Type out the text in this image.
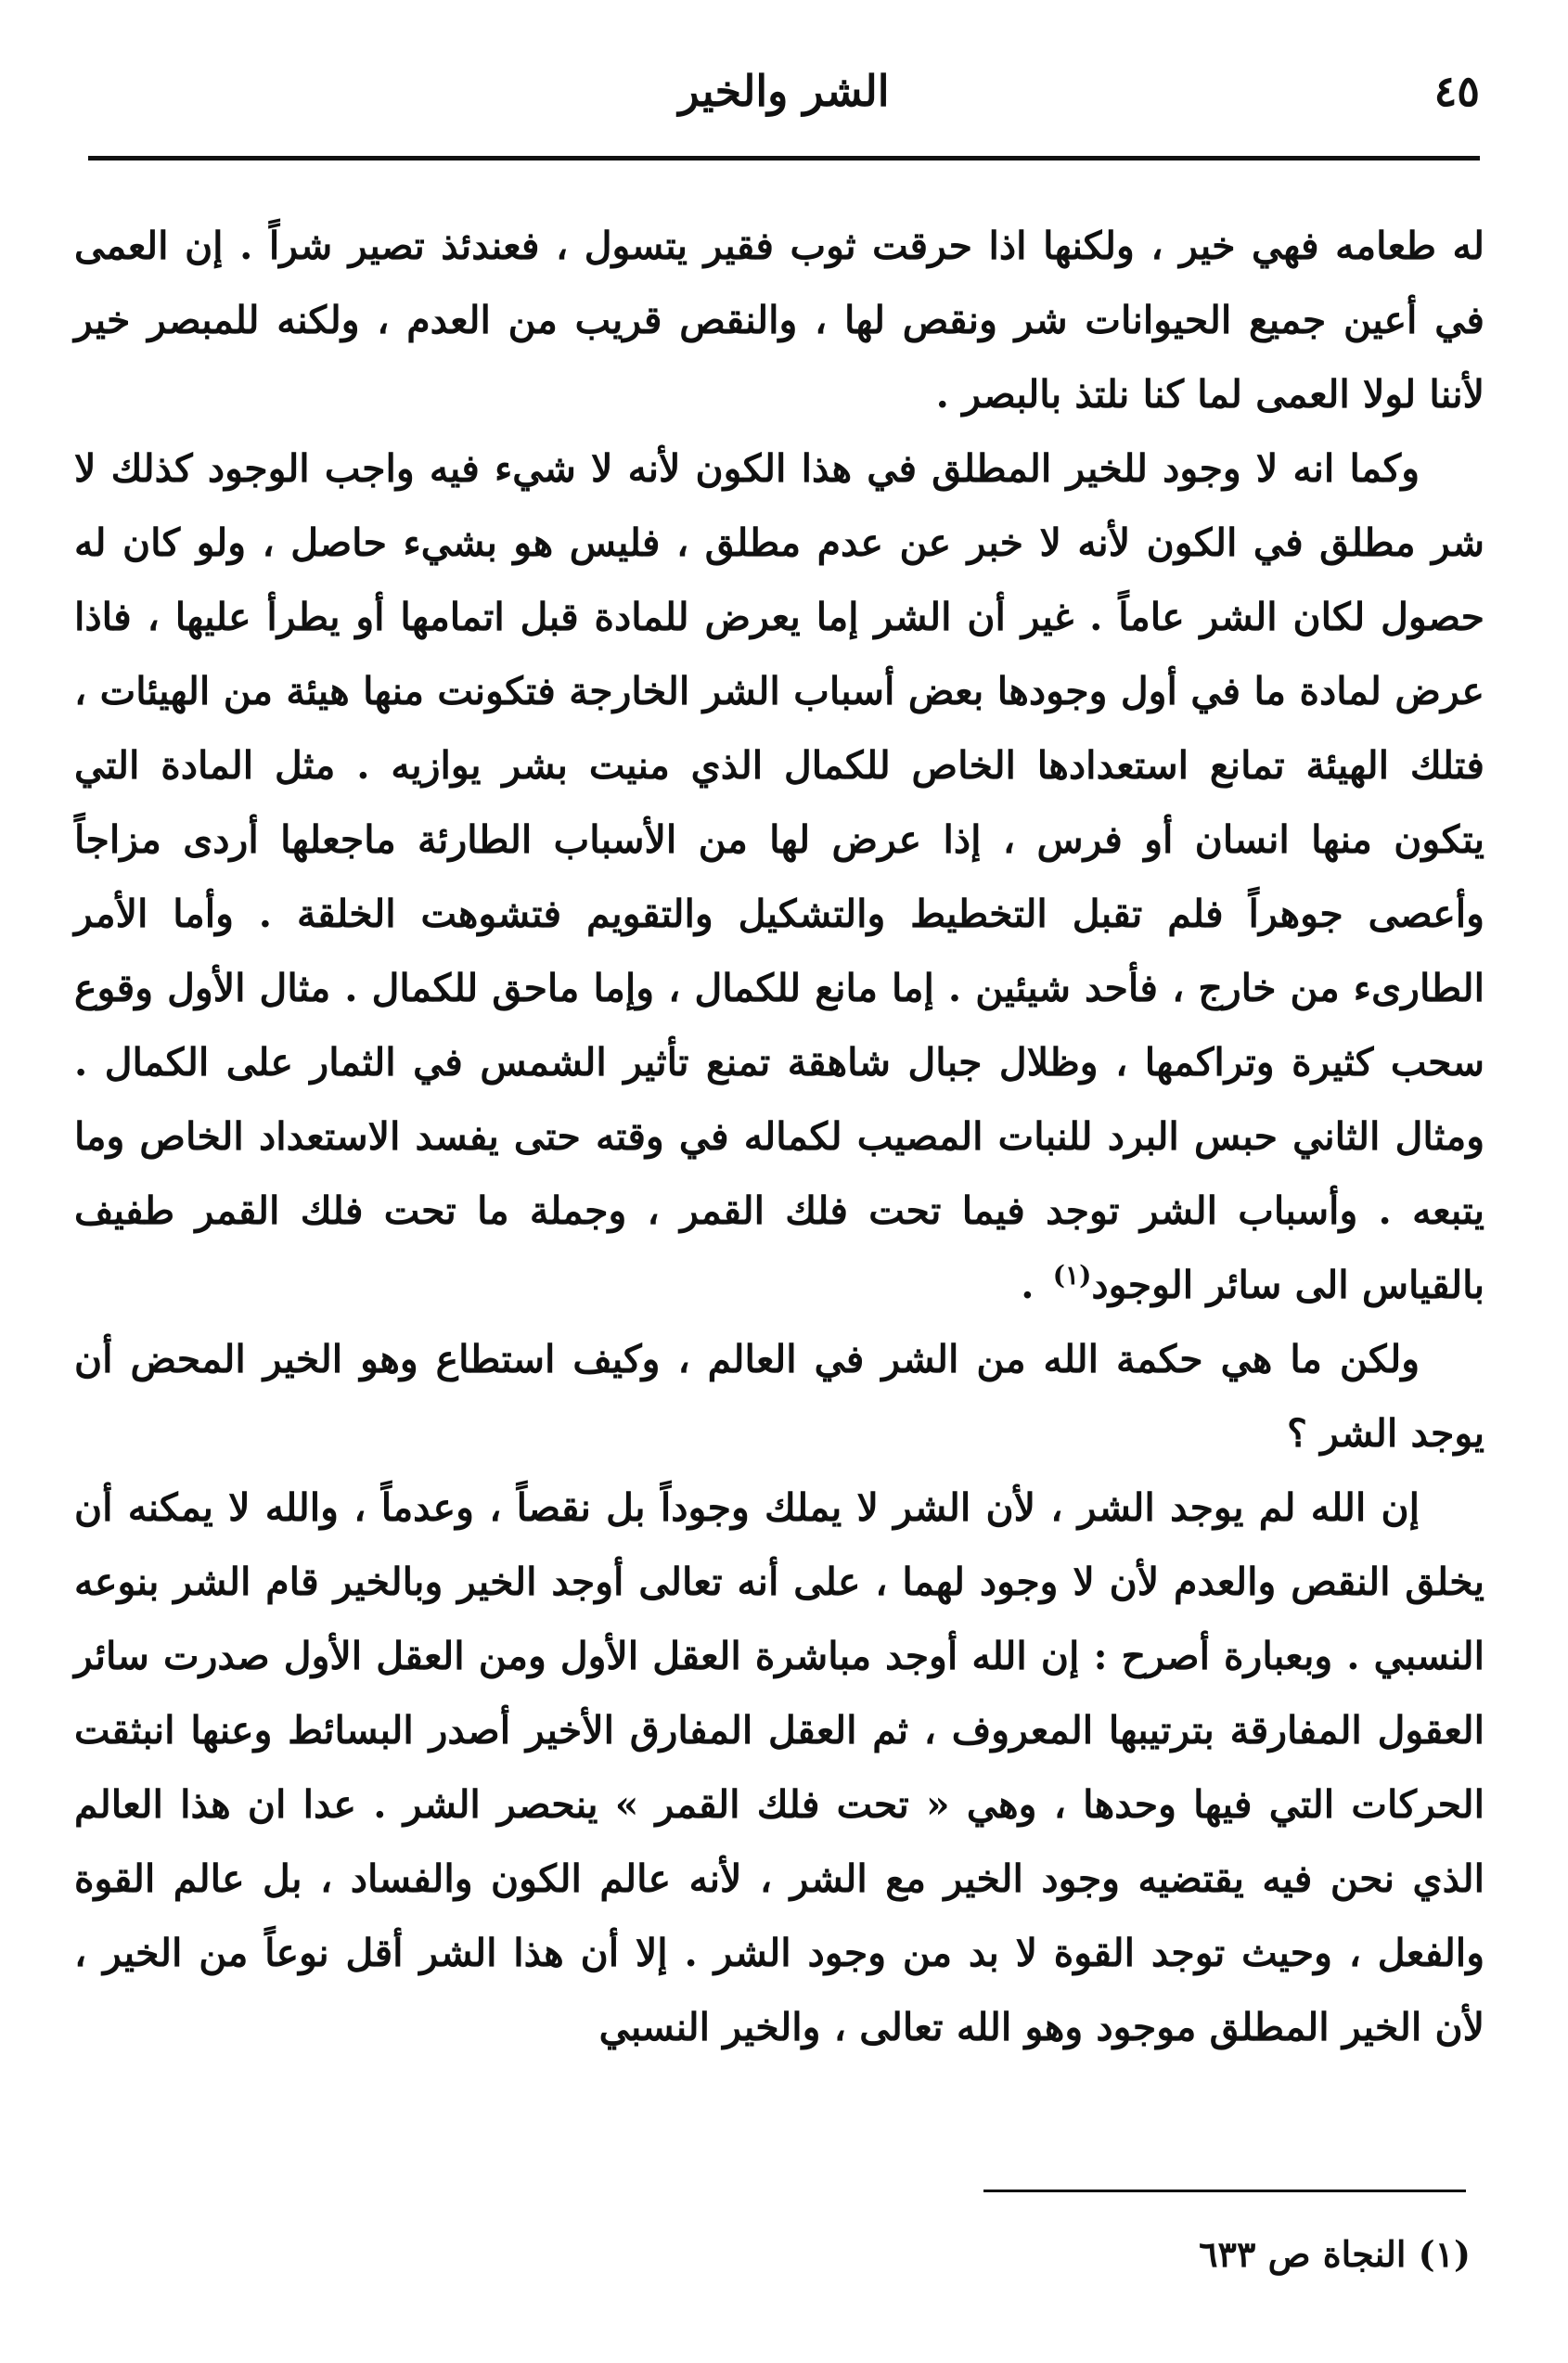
٤٥
الشر والخير

له طعامه فهي خير ، ولكنها اذا حرقت ثوب فقير يتسول ، فعندئذ تصير شراً . إن العمى في أعين جميع الحيوانات شر ونقص لها ، والنقص قريب من العدم ، ولكنه للمبصر خير لأننا لولا العمى لما كنا نلتذ بالبصر .

وكما انه لا وجود للخير المطلق في هذا الكون لأنه لا شيء فيه واجب الوجود كذلك لا شر مطلق في الكون لأنه لا خبر عن عدم مطلق ، فليس هو بشيء حاصل ، ولو كان له حصول لكان الشر عاماً . غير أن الشر إما يعرض للمادة قبل اتمامها أو يطرأ عليها ، فاذا عرض لمادة ما في أول وجودها بعض أسباب الشر الخارجة فتكونت منها هيئة من الهيئات ، فتلك الهيئة تمانع استعدادها الخاص للكمال الذي منيت بشر يوازيه . مثل المادة التي يتكون منها انسان أو فرس ، إذا عرض لها من الأسباب الطارئة ماجعلها أردى مزاجاً وأعصى جوهراً فلم تقبل التخطيط والتشكيل والتقويم فتشوهت الخلقة . وأما الأمر الطارىء من خارج ، فأحد شيئين . إما مانع للكمال ، وإما ماحق للكمال . مثال الأول وقوع سحب كثيرة وتراكمها ، وظلال جبال شاهقة تمنع تأثير الشمس في الثمار على الكمال . ومثال الثاني حبس البرد للنبات المصيب لكماله في وقته حتى يفسد الاستعداد الخاص وما يتبعه . وأسباب الشر توجد فيما تحت فلك القمر ، وجملة ما تحت فلك القمر طفيف بالقياس الى سائر الوجود$^{(١)}$ .

ولكن ما هي حكمة الله من الشر في العالم ، وكيف استطاع وهو الخير المحض أن يوجد الشر ؟

إن الله لم يوجد الشر ، لأن الشر لا يملك وجوداً بل نقصاً ، وعدماً ، والله لا يمكنه أن يخلق النقص والعدم لأن لا وجود لهما ، على أنه تعالى أوجد الخير وبالخير قام الشر بنوعه النسبي . وبعبارة أصرح : إن الله أوجد مباشرة العقل الأول ومن العقل الأول صدرت سائر العقول المفارقة بترتيبها المعروف ، ثم العقل المفارق الأخير أصدر البسائط وعنها انبثقت الحركات التي فيها وحدها ، وهي « تحت فلك القمر » ينحصر الشر . عدا ان هذا العالم الذي نحن فيه يقتضيه وجود الخير مع الشر ، لأنه عالم الكون والفساد ، بل عالم القوة والفعل ، وحيث توجد القوة لا بد من وجود الشر . إلا أن هذا الشر أقل نوعاً من الخير ، لأن الخير المطلق موجود وهو الله تعالى ، والخير النسبي

(١) النجاة ص ٦٣٣
